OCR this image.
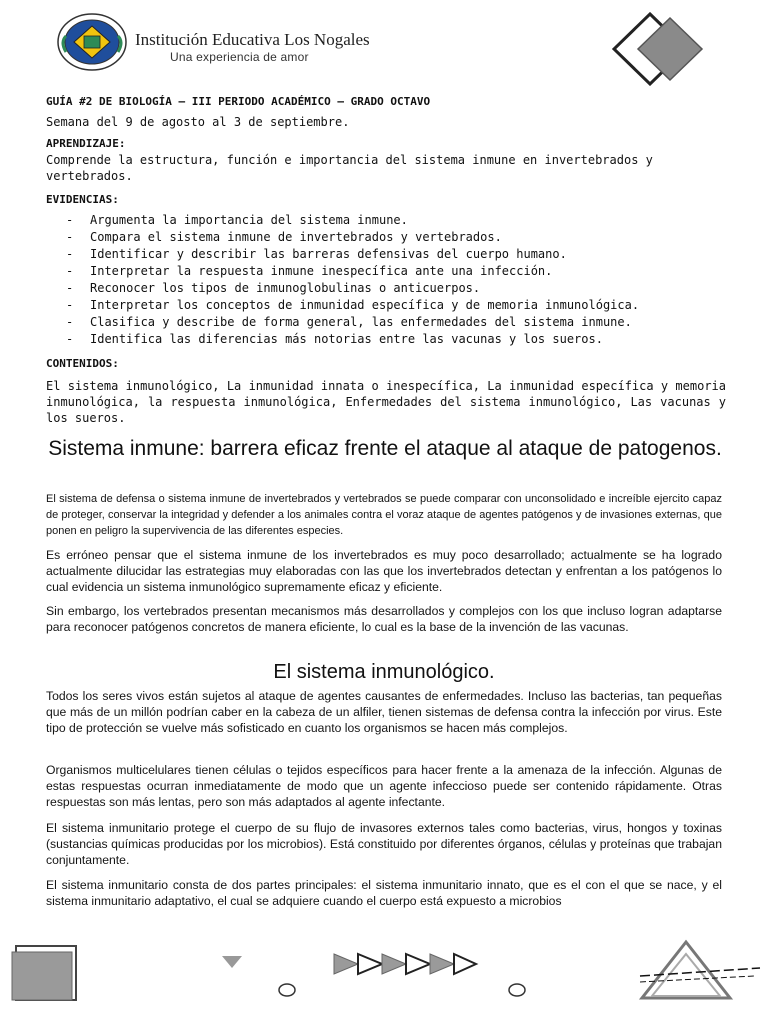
Institución Educativa Los Nogales
Una experiencia de amor

GUÍA #2 DE BIOLOGÍA – III PERIODO ACADÉMICO – GRADO OCTAVO

Semana del 9 de agosto al 3 de septiembre.

APRENDIZAJE:

Comprende la estructura, función e importancia del sistema inmune en invertebrados y vertebrados.

EVIDENCIAS:

- Argumenta la importancia del sistema inmune.
- Compara el sistema inmune de invertebrados y vertebrados.
- Identificar y describir las barreras defensivas del cuerpo humano.
- Interpretar la respuesta inmune inespecífica ante una infección.
- Reconocer los tipos de inmunoglobulinas o anticuerpos.
- Interpretar los conceptos de inmunidad específica y de memoria inmunológica.
- Clasifica y describe de forma general, las enfermedades del sistema inmune.
- Identifica las diferencias más notorias entre las vacunas y los sueros.

CONTENIDOS:

El sistema inmunológico, La inmunidad innata o inespecífica, La inmunidad específica y memoria inmunológica, la respuesta inmunológica, Enfermedades del sistema inmunológico, Las vacunas y los sueros.

Sistema inmune: barrera eficaz frente el ataque al ataque de patogenos.

El sistema de defensa o sistema inmune de invertebrados y vertebrados se puede comparar con unconsolidado e increíble ejercito capaz de proteger, conservar la integridad y defender a los animales contra el voraz ataque de agentes patógenos y de invasiones externas, que ponen en peligro la supervivencia de las diferentes especies.

Es erróneo pensar que el sistema inmune de los invertebrados es muy poco desarrollado; actualmente se ha logrado actualmente dilucidar las estrategias muy elaboradas con las que los invertebrados detectan y enfrentan a los patógenos lo cual evidencia un sistema inmunológico supremamente eficaz y eficiente.

Sin embargo, los vertebrados presentan mecanismos más desarrollados y complejos con los que incluso logran adaptarse para reconocer patógenos concretos de manera eficiente, lo cual es la base de la invención de las vacunas.

El sistema inmunológico.

Todos los seres vivos están sujetos al ataque de agentes causantes de enfermedades. Incluso las bacterias, tan pequeñas que más de un millón podrían caber en la cabeza de un alfiler, tienen sistemas de defensa contra la infección por virus. Este tipo de protección se vuelve más sofisticado en cuanto los organismos se hacen más complejos.

Organismos multicelulares tienen células o tejidos específicos para hacer frente a la amenaza de la infección. Algunas de estas respuestas ocurran inmediatamente de modo que un agente infeccioso puede ser contenido rápidamente. Otras respuestas son más lentas, pero son más adaptados al agente infectante.

El sistema inmunitario protege el cuerpo de su flujo de invasores externos tales como bacterias, virus, hongos y toxinas (sustancias químicas producidas por los microbios). Está constituido por diferentes órganos, células y proteínas que trabajan conjuntamente.

El sistema inmunitario consta de dos partes principales: el sistema inmunitario innato, que es el con el que se nace, y el sistema inmunitario adaptativo, el cual se adquiere cuando el cuerpo está expuesto a microbios
